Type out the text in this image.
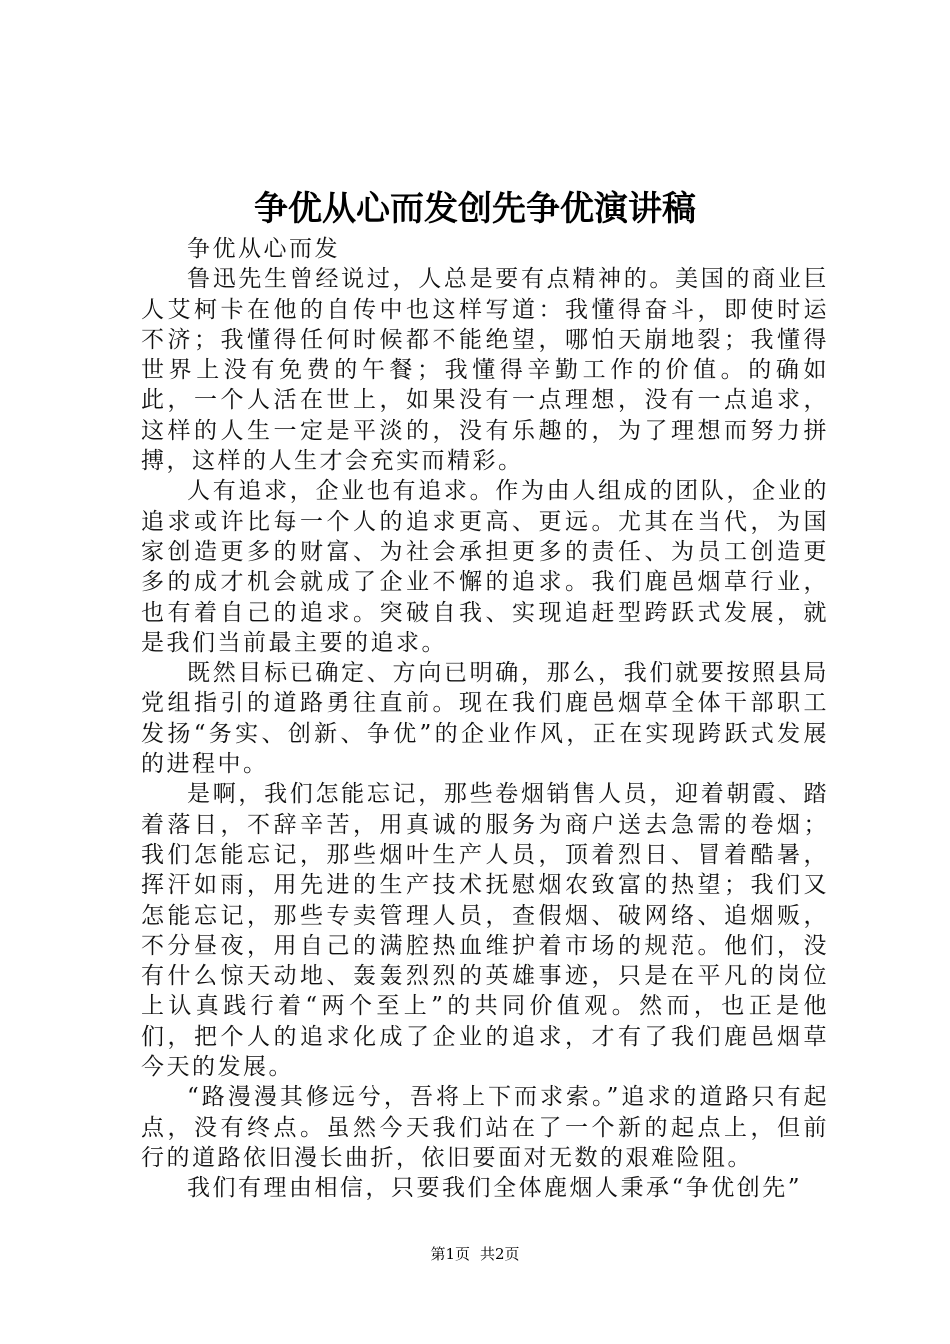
争优从心而发创先争优演讲稿

争优从心而发

鲁迅先生曾经说过，人总是要有点精神的。美国的商业巨人艾柯卡在他的自传中也这样写道：我懂得奋斗，即使时运不济；我懂得任何时候都不能绝望，哪怕天崩地裂；我懂得世界上没有免费的午餐；我懂得辛勤工作的价值。的确如此，一个人活在世上，如果没有一点理想，没有一点追求，这样的人生一定是平淡的，没有乐趣的，为了理想而努力拼搏，这样的人生才会充实而精彩。

人有追求，企业也有追求。作为由人组成的团队，企业的追求或许比每一个人的追求更高、更远。尤其在当代，为国家创造更多的财富、为社会承担更多的责任、为员工创造更多的成才机会就成了企业不懈的追求。我们鹿邑烟草行业，也有着自己的追求。突破自我、实现追赶型跨跃式发展，就是我们当前最主要的追求。

既然目标已确定、方向已明确，那么，我们就要按照县局党组指引的道路勇往直前。现在我们鹿邑烟草全体干部职工发扬“务实、创新、争优”的企业作风，正在实现跨跃式发展的进程中。

是啊，我们怎能忘记，那些卷烟销售人员，迎着朝霞、踏着落日，不辞辛苦，用真诚的服务为商户送去急需的卷烟；我们怎能忘记，那些烟叶生产人员，顶着烈日、冒着酷暑，挥汗如雨，用先进的生产技术抚慰烟农致富的热望；我们又怎能忘记，那些专卖管理人员，查假烟、破网络、追烟贩，不分昼夜，用自己的满腔热血维护着市场的规范。他们，没有什么惊天动地、轰轰烈烈的英雄事迹，只是在平凡的岗位上认真践行着“两个至上”的共同价值观。然而，也正是他们，把个人的追求化成了企业的追求，才有了我们鹿邑烟草今天的发展。

“路漫漫其修远兮，吾将上下而求索。”追求的道路只有起点，没有终点。虽然今天我们站在了一个新的起点上，但前行的道路依旧漫长曲折，依旧要面对无数的艰难险阻。

我们有理由相信，只要我们全体鹿烟人秉承“争优创先”

第1页 共2页
